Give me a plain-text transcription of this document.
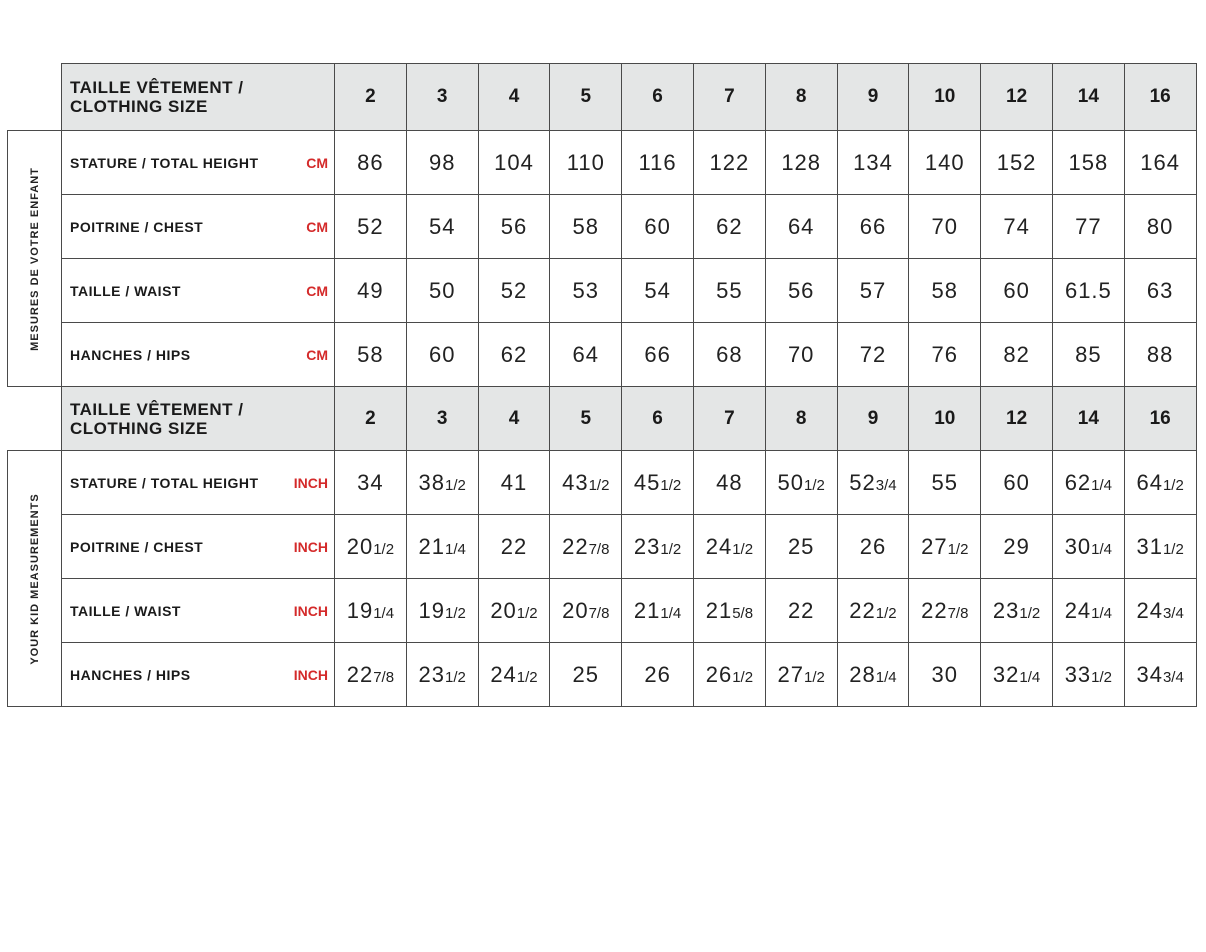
	TAILLE VÊTEMENT / CLOTHING SIZE	2	3	4	5	6	7	8	9	10	12	14	16

MESURES DE VOTRE ENFANT	STATURE / TOTAL HEIGHT CM	86	98	104	110	116	122	128	134	140	152	158	164

	POITRINE / CHEST CM	52	54	56	58	60	62	64	66	70	74	77	80

	TAILLE / WAIST CM	49	50	52	53	54	55	56	57	58	60	61.5	63

	HANCHES / HIPS CM	58	60	62	64	66	68	70	72	76	82	85	88
	TAILLE VÊTEMENT / CLOTHING SIZE	2	3	4	5	6	7	8	9	10	12	14	16

YOUR KID MEASUREMENTS	STATURE / TOTAL HEIGHT INCH	34	381/2	41	431/2	451/2	48	501/2	523/4	55	60	621/4	641/2

	POITRINE / CHEST INCH	201/2	211/4	22	227/8	231/2	241/2	25	26	271/2	29	301/4	311/2

	TAILLE / WAIST INCH	191/4	191/2	201/2	207/8	211/4	215/8	22	221/2	227/8	231/2	241/4	243/4

	HANCHES / HIPS INCH	227/8	231/2	241/2	25	26	261/2	271/2	281/4	30	321/4	331/2	343/4
